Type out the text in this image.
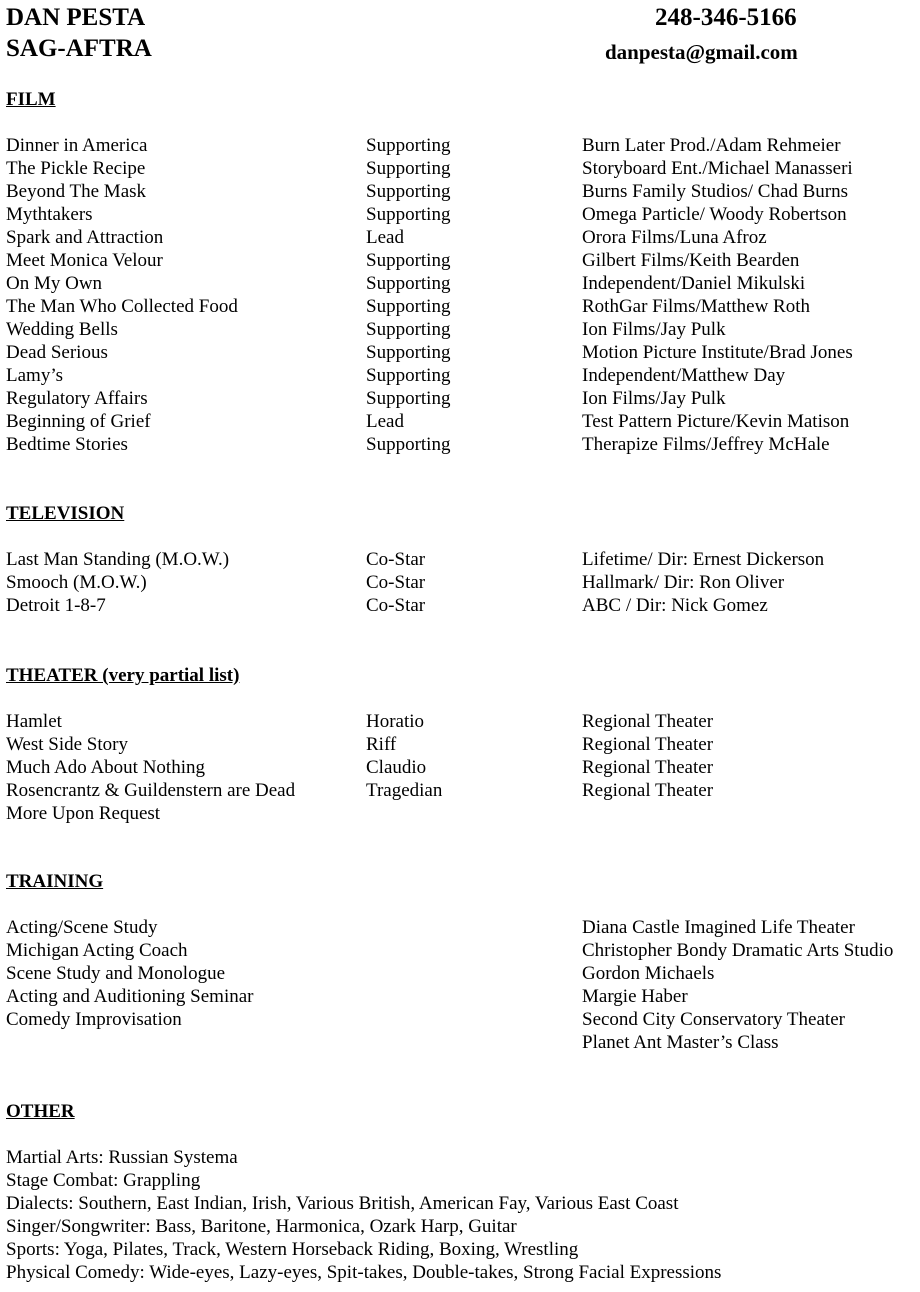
DAN PESTA
SAG-AFTRA
248-346-5166
danpesta@gmail.com
FILM
Dinner in America	Supporting	Burn Later Prod./Adam Rehmeier
The Pickle Recipe	Supporting	Storyboard Ent./Michael Manasseri
Beyond The Mask	Supporting	Burns Family Studios/ Chad Burns
Mythtakers	Supporting	Omega Particle/ Woody Robertson
Spark and Attraction	Lead	Orora Films/Luna Afroz
Meet Monica Velour	Supporting	Gilbert Films/Keith Bearden
On My Own	Supporting	Independent/Daniel Mikulski
The Man Who Collected Food	Supporting	RothGar Films/Matthew Roth
Wedding Bells	Supporting	Ion Films/Jay Pulk
Dead Serious	Supporting	Motion Picture Institute/Brad Jones
Lamy’s	Supporting	Independent/Matthew Day
Regulatory Affairs	Supporting	Ion Films/Jay Pulk
Beginning of Grief	Lead	Test Pattern Picture/Kevin Matison
Bedtime Stories	Supporting	Therapize Films/Jeffrey McHale
TELEVISION
Last Man Standing (M.O.W.)	Co-Star	Lifetime/ Dir: Ernest Dickerson
Smooch (M.O.W.)	Co-Star	Hallmark/ Dir: Ron Oliver
Detroit 1-8-7	Co-Star	ABC / Dir: Nick Gomez
THEATER (very partial list)
Hamlet	Horatio	Regional Theater
West Side Story	Riff	Regional Theater
Much Ado About Nothing	Claudio	Regional Theater
Rosencrantz & Guildenstern are Dead	Tragedian	Regional Theater
More Upon Request
TRAINING
Acting/Scene Study	Diana Castle Imagined Life Theater
Michigan Acting Coach	Christopher Bondy Dramatic Arts Studio
Scene Study and Monologue	Gordon Michaels
Acting and Auditioning Seminar	Margie Haber
Comedy Improvisation	Second City Conservatory Theater
Planet Ant Master’s Class
OTHER
Martial Arts: Russian Systema
Stage Combat: Grappling
Dialects: Southern, East Indian, Irish, Various British, American Fay, Various East Coast
Singer/Songwriter: Bass, Baritone, Harmonica, Ozark Harp, Guitar
Sports: Yoga, Pilates, Track, Western Horseback Riding, Boxing, Wrestling
Physical Comedy: Wide-eyes, Lazy-eyes, Spit-takes, Double-takes, Strong Facial Expressions
